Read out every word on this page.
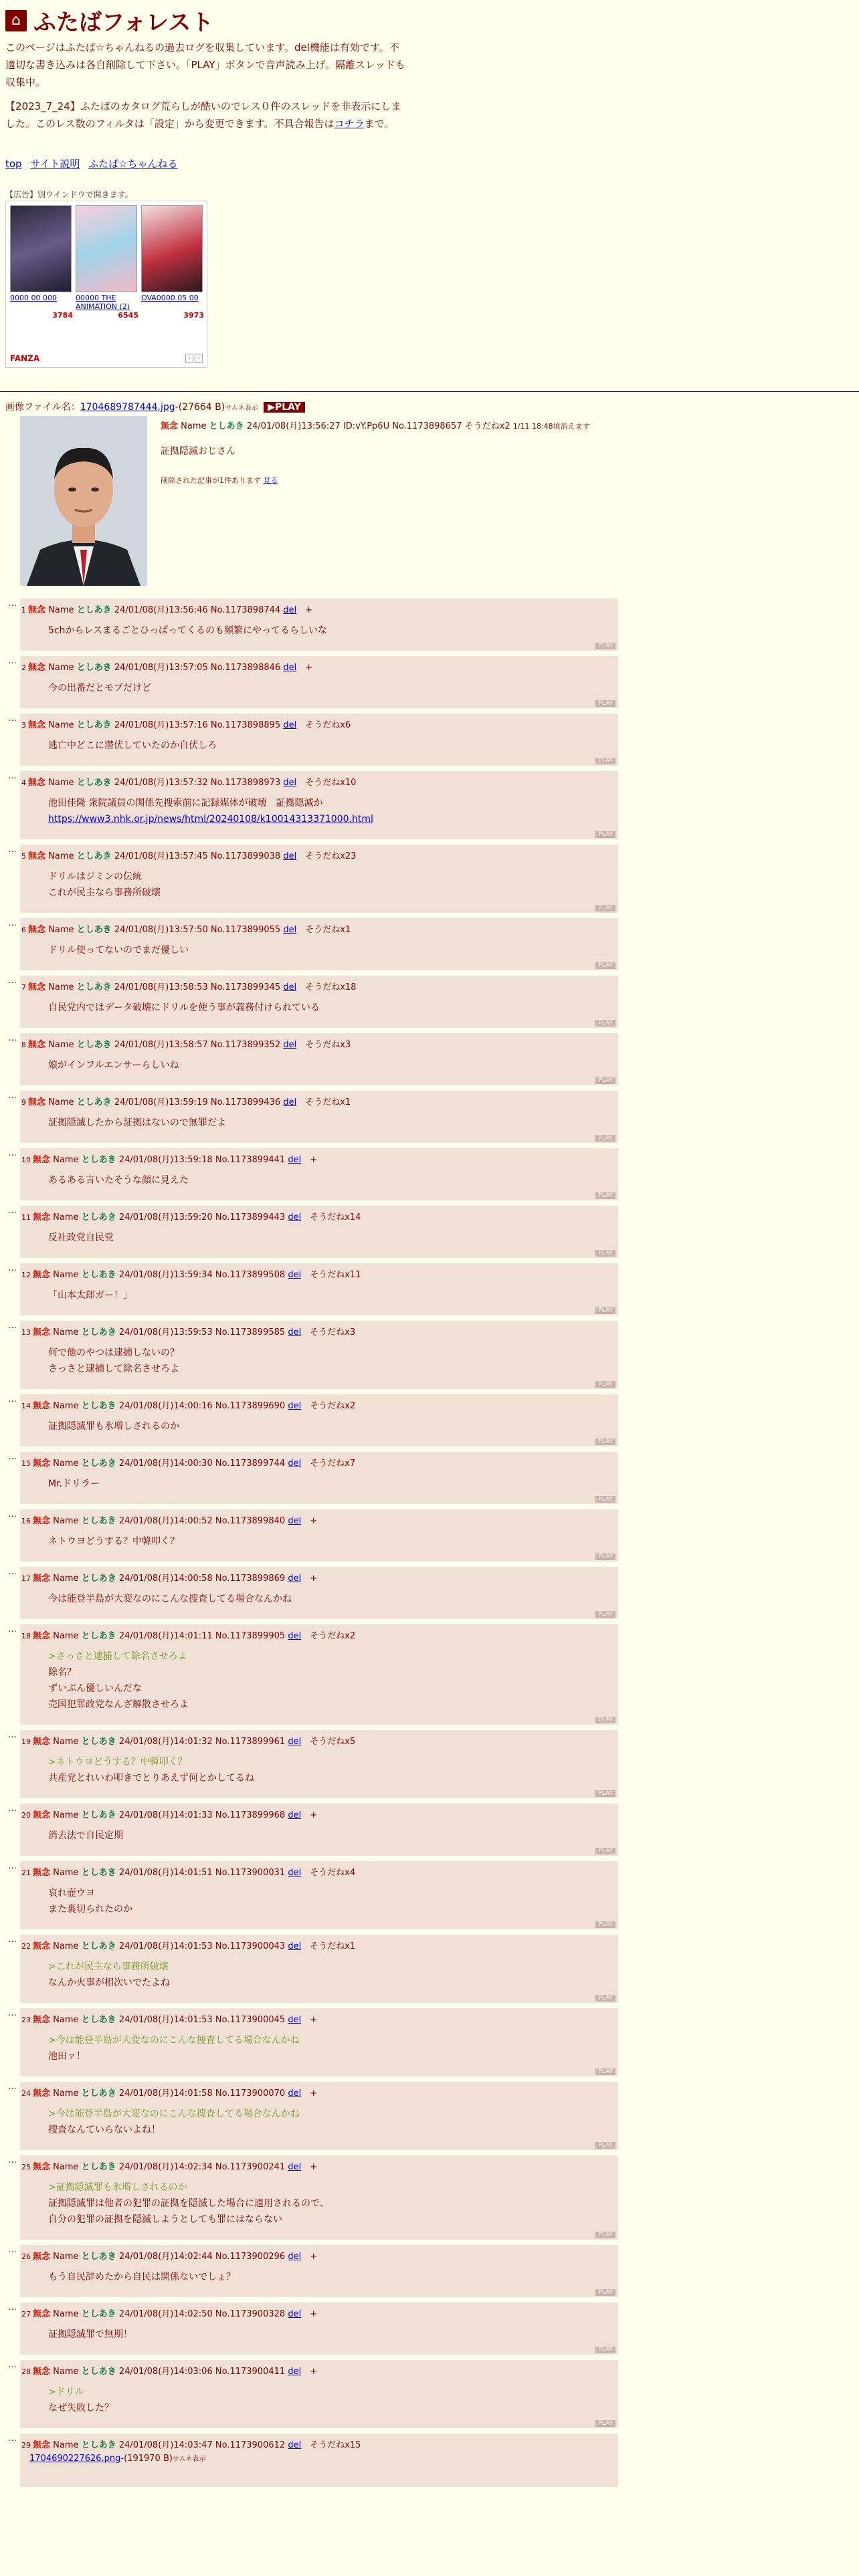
⌂ ふたばフォレスト
このページはふたば☆ちゃんねるの過去ログを収集しています。del機能は有効です。不適切な書き込みは各自削除して下さい。「PLAY」ボタンで音声読み上げ。隔離スレッドも収集中。
【2023_7_24】ふたばのカタログ荒らしが酷いのでレス０件のスレッドを非表示にしました。このレス数のフィルタは「設定」から変更できます。不具合報告はコチラまで。
top サイト説明 ふたば☆ちゃんねる
【広告】別ウインドウで開きます。
0000 00 000
3784
00000 THE ANIMATION (2)
6545
OVA0000 05 00
3973
FANZA	‹	›
画像ファイル名：1704689787444.jpg-(27664 B)サムネ表示 ▶PLAY
無念 Name としあき 24/01/08(月)13:56:27 ID:vY.Pp6U No.1173898657 そうだねx2 1/11 18:48頃消えます
証拠隠滅おじさん
削除された記事が1件あります 見る
…
1 無念 Name としあき 24/01/08(月)13:56:46 No.1173898744 del　 +
5chからレスまるごとひっぱってくるのも頻繁にやってるらしいな
PLAY
…
2 無念 Name としあき 24/01/08(月)13:57:05 No.1173898846 del　 +
今の出番だとモブだけど
PLAY
…
3 無念 Name としあき 24/01/08(月)13:57:16 No.1173898895 del　 そうだねx6
逃亡中どこに潜伏していたのか自伏しろ
PLAY
…
4 無念 Name としあき 24/01/08(月)13:57:32 No.1173898973 del　 そうだねx10
池田佳隆 衆院議員の関係先捜索前に記録媒体が破壊　証拠隠滅か
https://www3.nhk.or.jp/news/html/20240108/k10014313371000.html
PLAY
…
5 無念 Name としあき 24/01/08(月)13:57:45 No.1173899038 del　 そうだねx23
ドリルはジミンの伝統
これが民主なら事務所破壊
PLAY
…
6 無念 Name としあき 24/01/08(月)13:57:50 No.1173899055 del　 そうだねx1
ドリル使ってないのでまだ優しい
PLAY
…
7 無念 Name としあき 24/01/08(月)13:58:53 No.1173899345 del　 そうだねx18
自民党内ではデータ破壊にドリルを使う事が義務付けられている
PLAY
…
8 無念 Name としあき 24/01/08(月)13:58:57 No.1173899352 del　 そうだねx3
娘がインフルエンサーらしいね
PLAY
…
9 無念 Name としあき 24/01/08(月)13:59:19 No.1173899436 del　 そうだねx1
証拠隠滅したから証拠はないので無罪だよ
PLAY
…
10 無念 Name としあき 24/01/08(月)13:59:18 No.1173899441 del　 +
あるある言いたそうな顔に見えた
PLAY
…
11 無念 Name としあき 24/01/08(月)13:59:20 No.1173899443 del　 そうだねx14
反社政党自民党
PLAY
…
12 無念 Name としあき 24/01/08(月)13:59:34 No.1173899508 del　 そうだねx11
「山本太郎ガー！」
PLAY
…
13 無念 Name としあき 24/01/08(月)13:59:53 No.1173899585 del　 そうだねx3
何で他のやつは逮捕しないの？
さっさと逮捕して除名させろよ
PLAY
…
14 無念 Name としあき 24/01/08(月)14:00:16 No.1173899690 del　 そうだねx2
証拠隠滅罪も氷増しされるのか
PLAY
…
15 無念 Name としあき 24/01/08(月)14:00:30 No.1173899744 del　 そうだねx7
Mr.ドリラー
PLAY
…
16 無念 Name としあき 24/01/08(月)14:00:52 No.1173899840 del　 +
ネトウヨどうする？中韓叩く？
PLAY
…
17 無念 Name としあき 24/01/08(月)14:00:58 No.1173899869 del　 +
今は能登半島が大変なのにこんな捜査してる場合なんかね
PLAY
…
18 無念 Name としあき 24/01/08(月)14:01:11 No.1173899905 del　 そうだねx2
>さっさと逮捕して除名させろよ
除名？
ずいぶん優しいんだな
売国犯罪政党なんざ解散させろよ
PLAY
…
19 無念 Name としあき 24/01/08(月)14:01:32 No.1173899961 del　 そうだねx5
>ネトウヨどうする？中韓叩く？
共産党とれいわ叩きでとりあえず何とかしてるね
PLAY
…
20 無念 Name としあき 24/01/08(月)14:01:33 No.1173899968 del　 +
消去法で自民定期
PLAY
…
21 無念 Name としあき 24/01/08(月)14:01:51 No.1173900031 del　 そうだねx4
哀れ壺ウヨ
また裏切られたのか
PLAY
…
22 無念 Name としあき 24/01/08(月)14:01:53 No.1173900043 del　 そうだねx1
>これが民主なら事務所破壊
なんか火事が相次いでたよね
PLAY
…
23 無念 Name としあき 24/01/08(月)14:01:53 No.1173900045 del　 +
>今は能登半島が大変なのにこんな捜査してる場合なんかね
池田ァ！
PLAY
…
24 無念 Name としあき 24/01/08(月)14:01:58 No.1173900070 del　 +
>今は能登半島が大変なのにこんな捜査してる場合なんかね
捜査なんていらないよね！
PLAY
…
25 無念 Name としあき 24/01/08(月)14:02:34 No.1173900241 del　 +
>証拠隠滅罪も氷増しされるのか
証拠隠滅罪は他者の犯罪の証拠を隠滅した場合に適用されるので、
自分の犯罪の証拠を隠滅しようとしても罪にはならない
PLAY
…
26 無念 Name としあき 24/01/08(月)14:02:44 No.1173900296 del　 +
もう自民辞めたから自民は関係ないでしょ？
PLAY
…
27 無念 Name としあき 24/01/08(月)14:02:50 No.1173900328 del　 +
証拠隠滅罪で無期！
PLAY
…
28 無念 Name としあき 24/01/08(月)14:03:06 No.1173900411 del　 +
>ドリル
なぜ失敗した？
PLAY
…
29 無念 Name としあき 24/01/08(月)14:03:47 No.1173900612 del　 そうだねx15
1704690227626.png-(191970 B)サムネ表示
